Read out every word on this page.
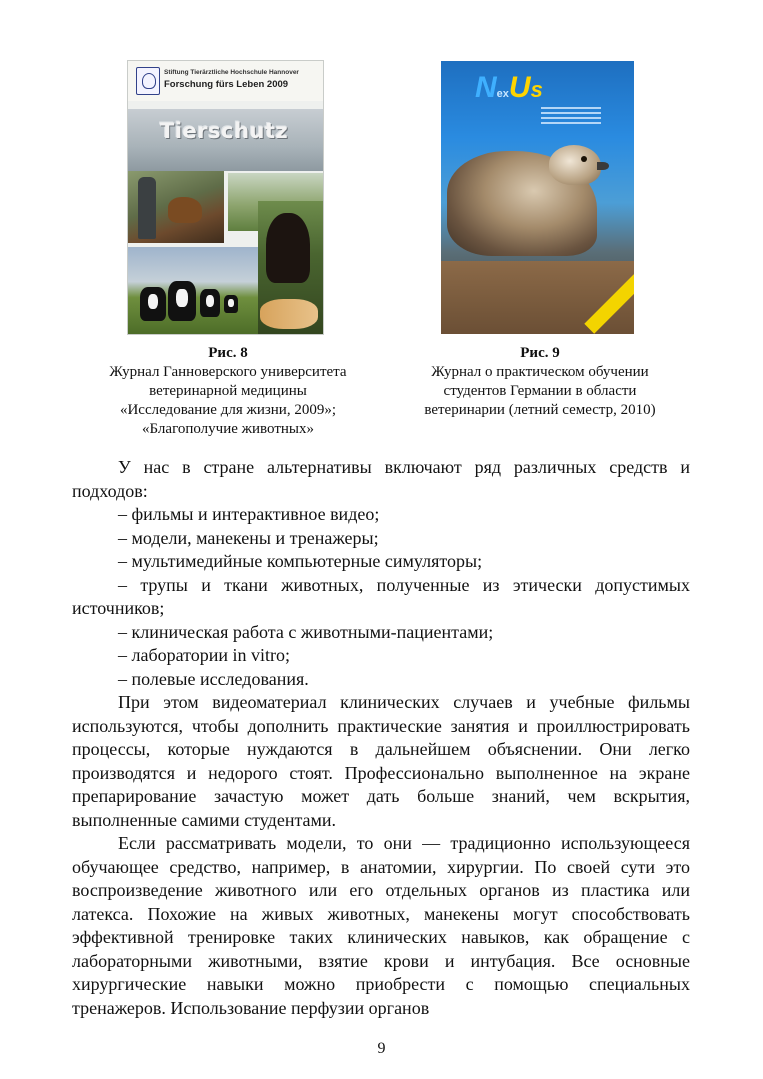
Stiftung Tierärztliche Hochschule Hannover
Forschung fürs Leben 2009
Tierschutz
NexUs
Рис. 8
Журнал Ганноверского университета
ветеринарной медицины
«Исследование для жизни, 2009»;
«Благополучие животных»
Рис. 9
Журнал о практическом обучении
студентов Германии в области
ветеринарии (летний семестр, 2010)

У нас в стране альтернативы включают ряд различных средств и подходов:

– фильмы и интерактивное видео;

– модели, манекены и тренажеры;

– мультимедийные компьютерные симуляторы;

– трупы и ткани животных, полученные из этически допустимых источников;

– клиническая работа с животными-пациентами;

– лаборатории in vitro;

– полевые исследования.

При этом видеоматериал клинических случаев и учебные фильмы используются, чтобы дополнить практические занятия и проиллюстрировать процессы, которые нуждаются в дальнейшем объяснении. Они легко производятся и недорого стоят. Профессионально выполненное на экране препарирование зачастую может дать больше знаний, чем вскрытия, выполненные самими студентами.

Если рассматривать модели, то они — традиционно использующееся обучающее средство, например, в анатомии, хирургии. По своей сути это воспроизведение животного или его отдельных органов из пластика или латекса. Похожие на живых животных, манекены могут способствовать эффективной тренировке таких клинических навыков, как обращение с лабораторными животными, взятие крови и интубация. Все основные хирургические навыки можно приобрести с помощью специальных тренажеров. Использование перфузии органов

9
